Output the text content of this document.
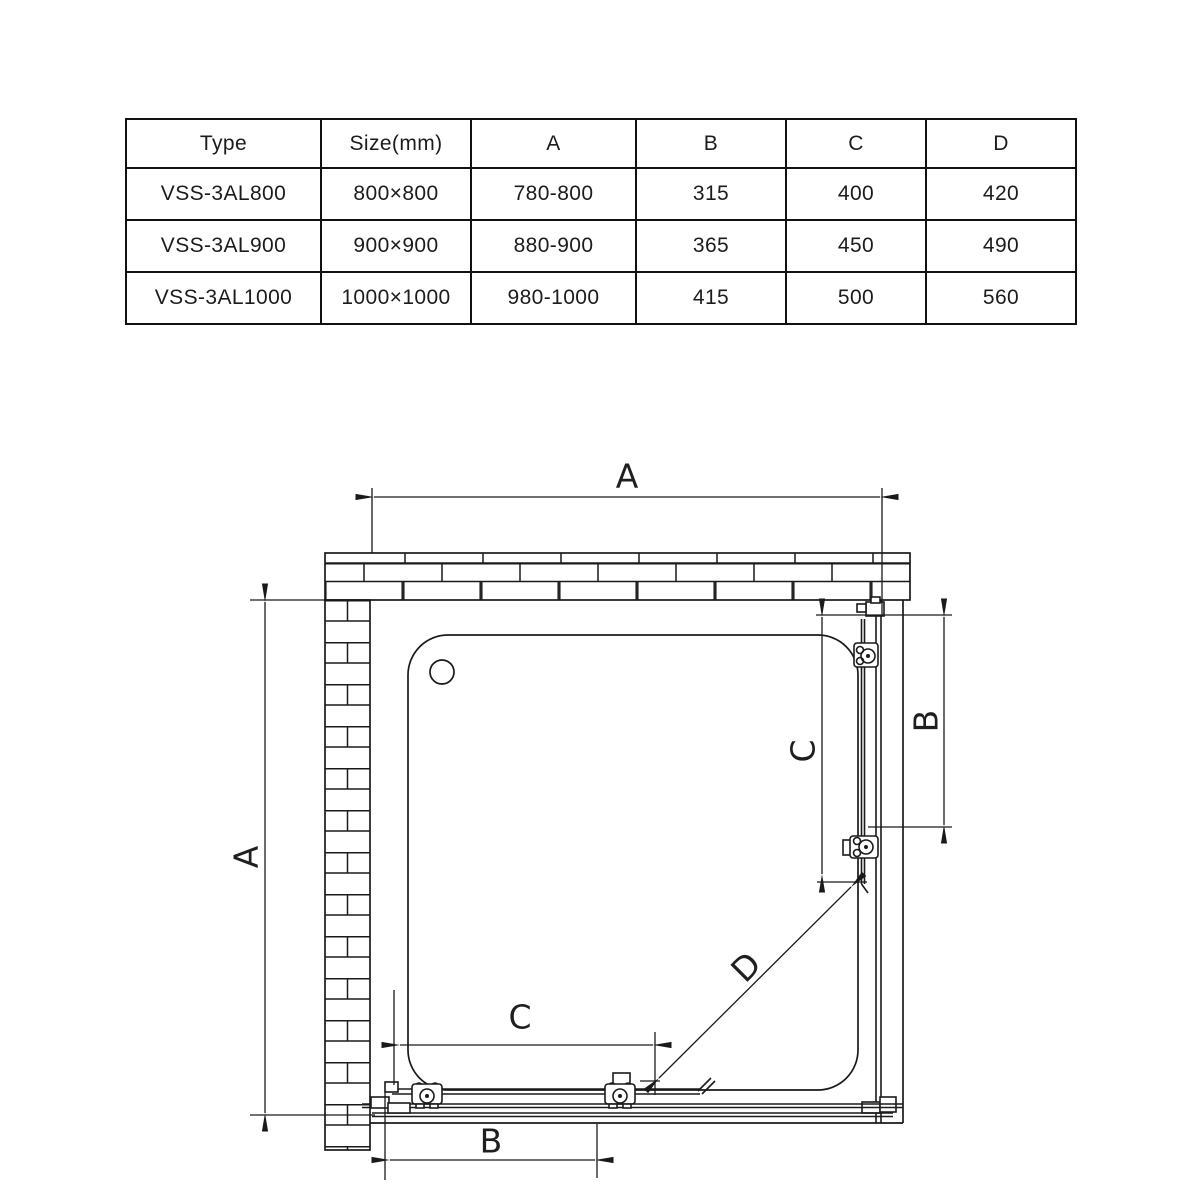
Type	Size(mm)	A	B	C	D
VSS-3AL800	800×800	780-800	315	400	420
VSS-3AL900	900×900	880-900	365	450	490
VSS-3AL1000	1000×1000	980-1000	415	500	560
A
A
B
C
D
C
B
